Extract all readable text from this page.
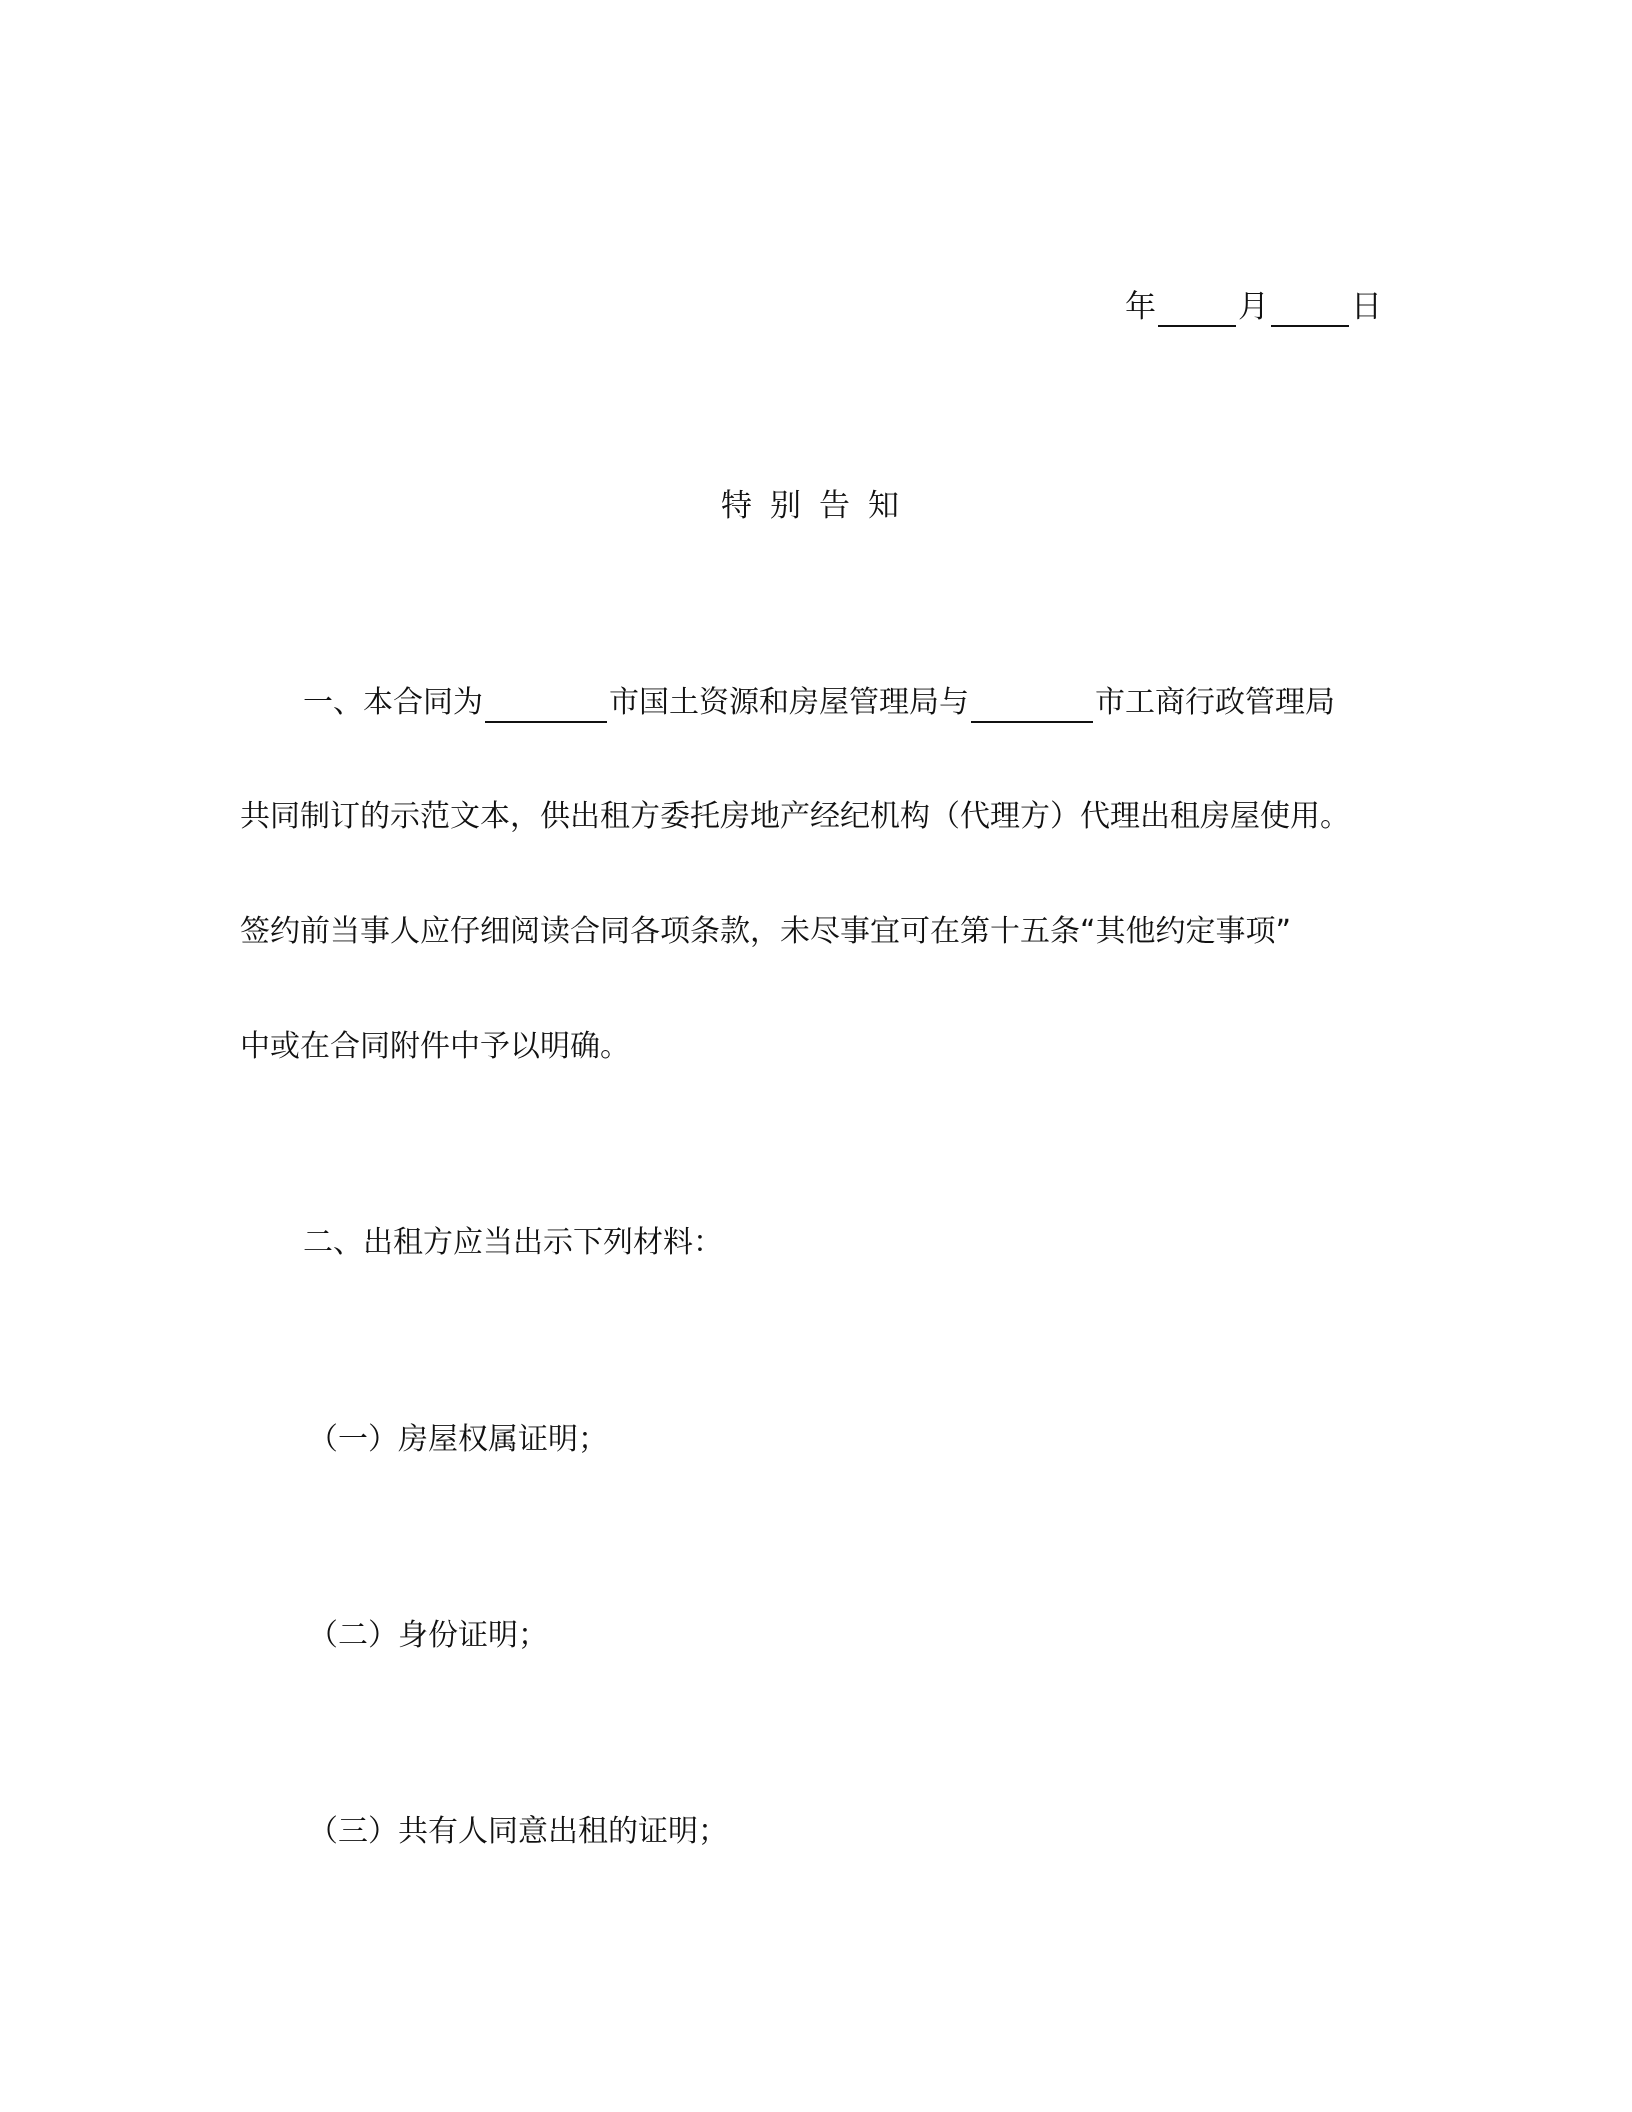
年	月	日
特别告知
一、本合同为	市国土资源和房屋管理局与	市工商行政管理局
共同制订的示范文本，供出租方委托房地产经纪机构（代理方）代理出租房屋使用。
签约前当事人应仔细阅读合同各项条款，未尽事宜可在第十五条“其他约定事项”
中或在合同附件中予以明确。
二、出租方应当出示下列材料：
（一）房屋权属证明；
（二）身份证明；
（三）共有人同意出租的证明；
